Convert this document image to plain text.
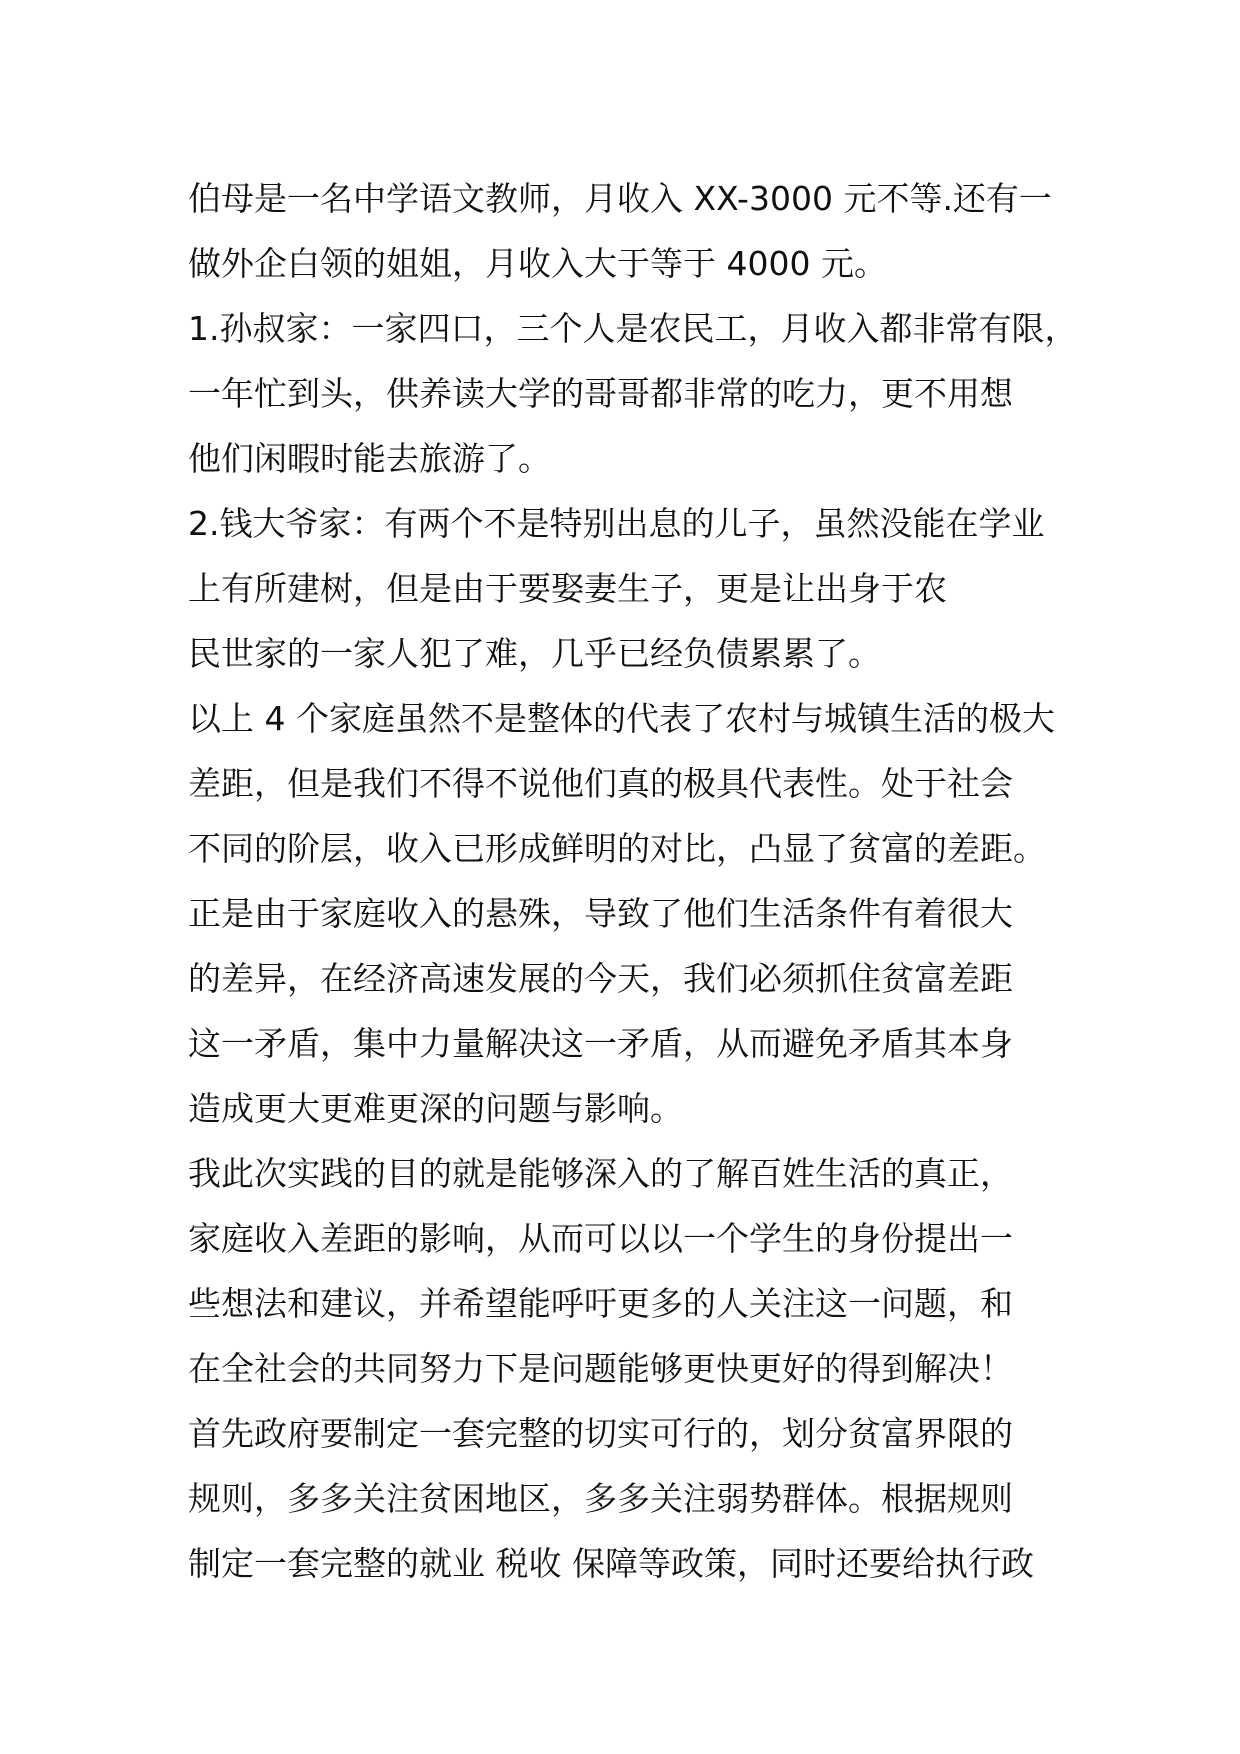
伯母是一名中学语文教师，月收入 XX-3000 元不等.还有一
做外企白领的姐姐，月收入大于等于 4000 元。
1.孙叔家：一家四口，三个人是农民工，月收入都非常有限，
一年忙到头，供养读大学的哥哥都非常的吃力，更不用想
他们闲暇时能去旅游了。
2.钱大爷家：有两个不是特别出息的儿子，虽然没能在学业
上有所建树，但是由于要娶妻生子，更是让出身于农
民世家的一家人犯了难，几乎已经负债累累了。
以上 4 个家庭虽然不是整体的代表了农村与城镇生活的极大
差距，但是我们不得不说他们真的极具代表性。处于社会
不同的阶层，收入已形成鲜明的对比，凸显了贫富的差距。
正是由于家庭收入的悬殊，导致了他们生活条件有着很大
的差异，在经济高速发展的今天，我们必须抓住贫富差距
这一矛盾，集中力量解决这一矛盾，从而避免矛盾其本身
造成更大更难更深的问题与影响。
我此次实践的目的就是能够深入的了解百姓生活的真正，
家庭收入差距的影响，从而可以以一个学生的身份提出一
些想法和建议，并希望能呼吁更多的人关注这一问题，和
在全社会的共同努力下是问题能够更快更好的得到解决！
首先政府要制定一套完整的切实可行的，划分贫富界限的
规则，多多关注贫困地区，多多关注弱势群体。根据规则
制定一套完整的就业 税收 保障等政策，同时还要给执行政
